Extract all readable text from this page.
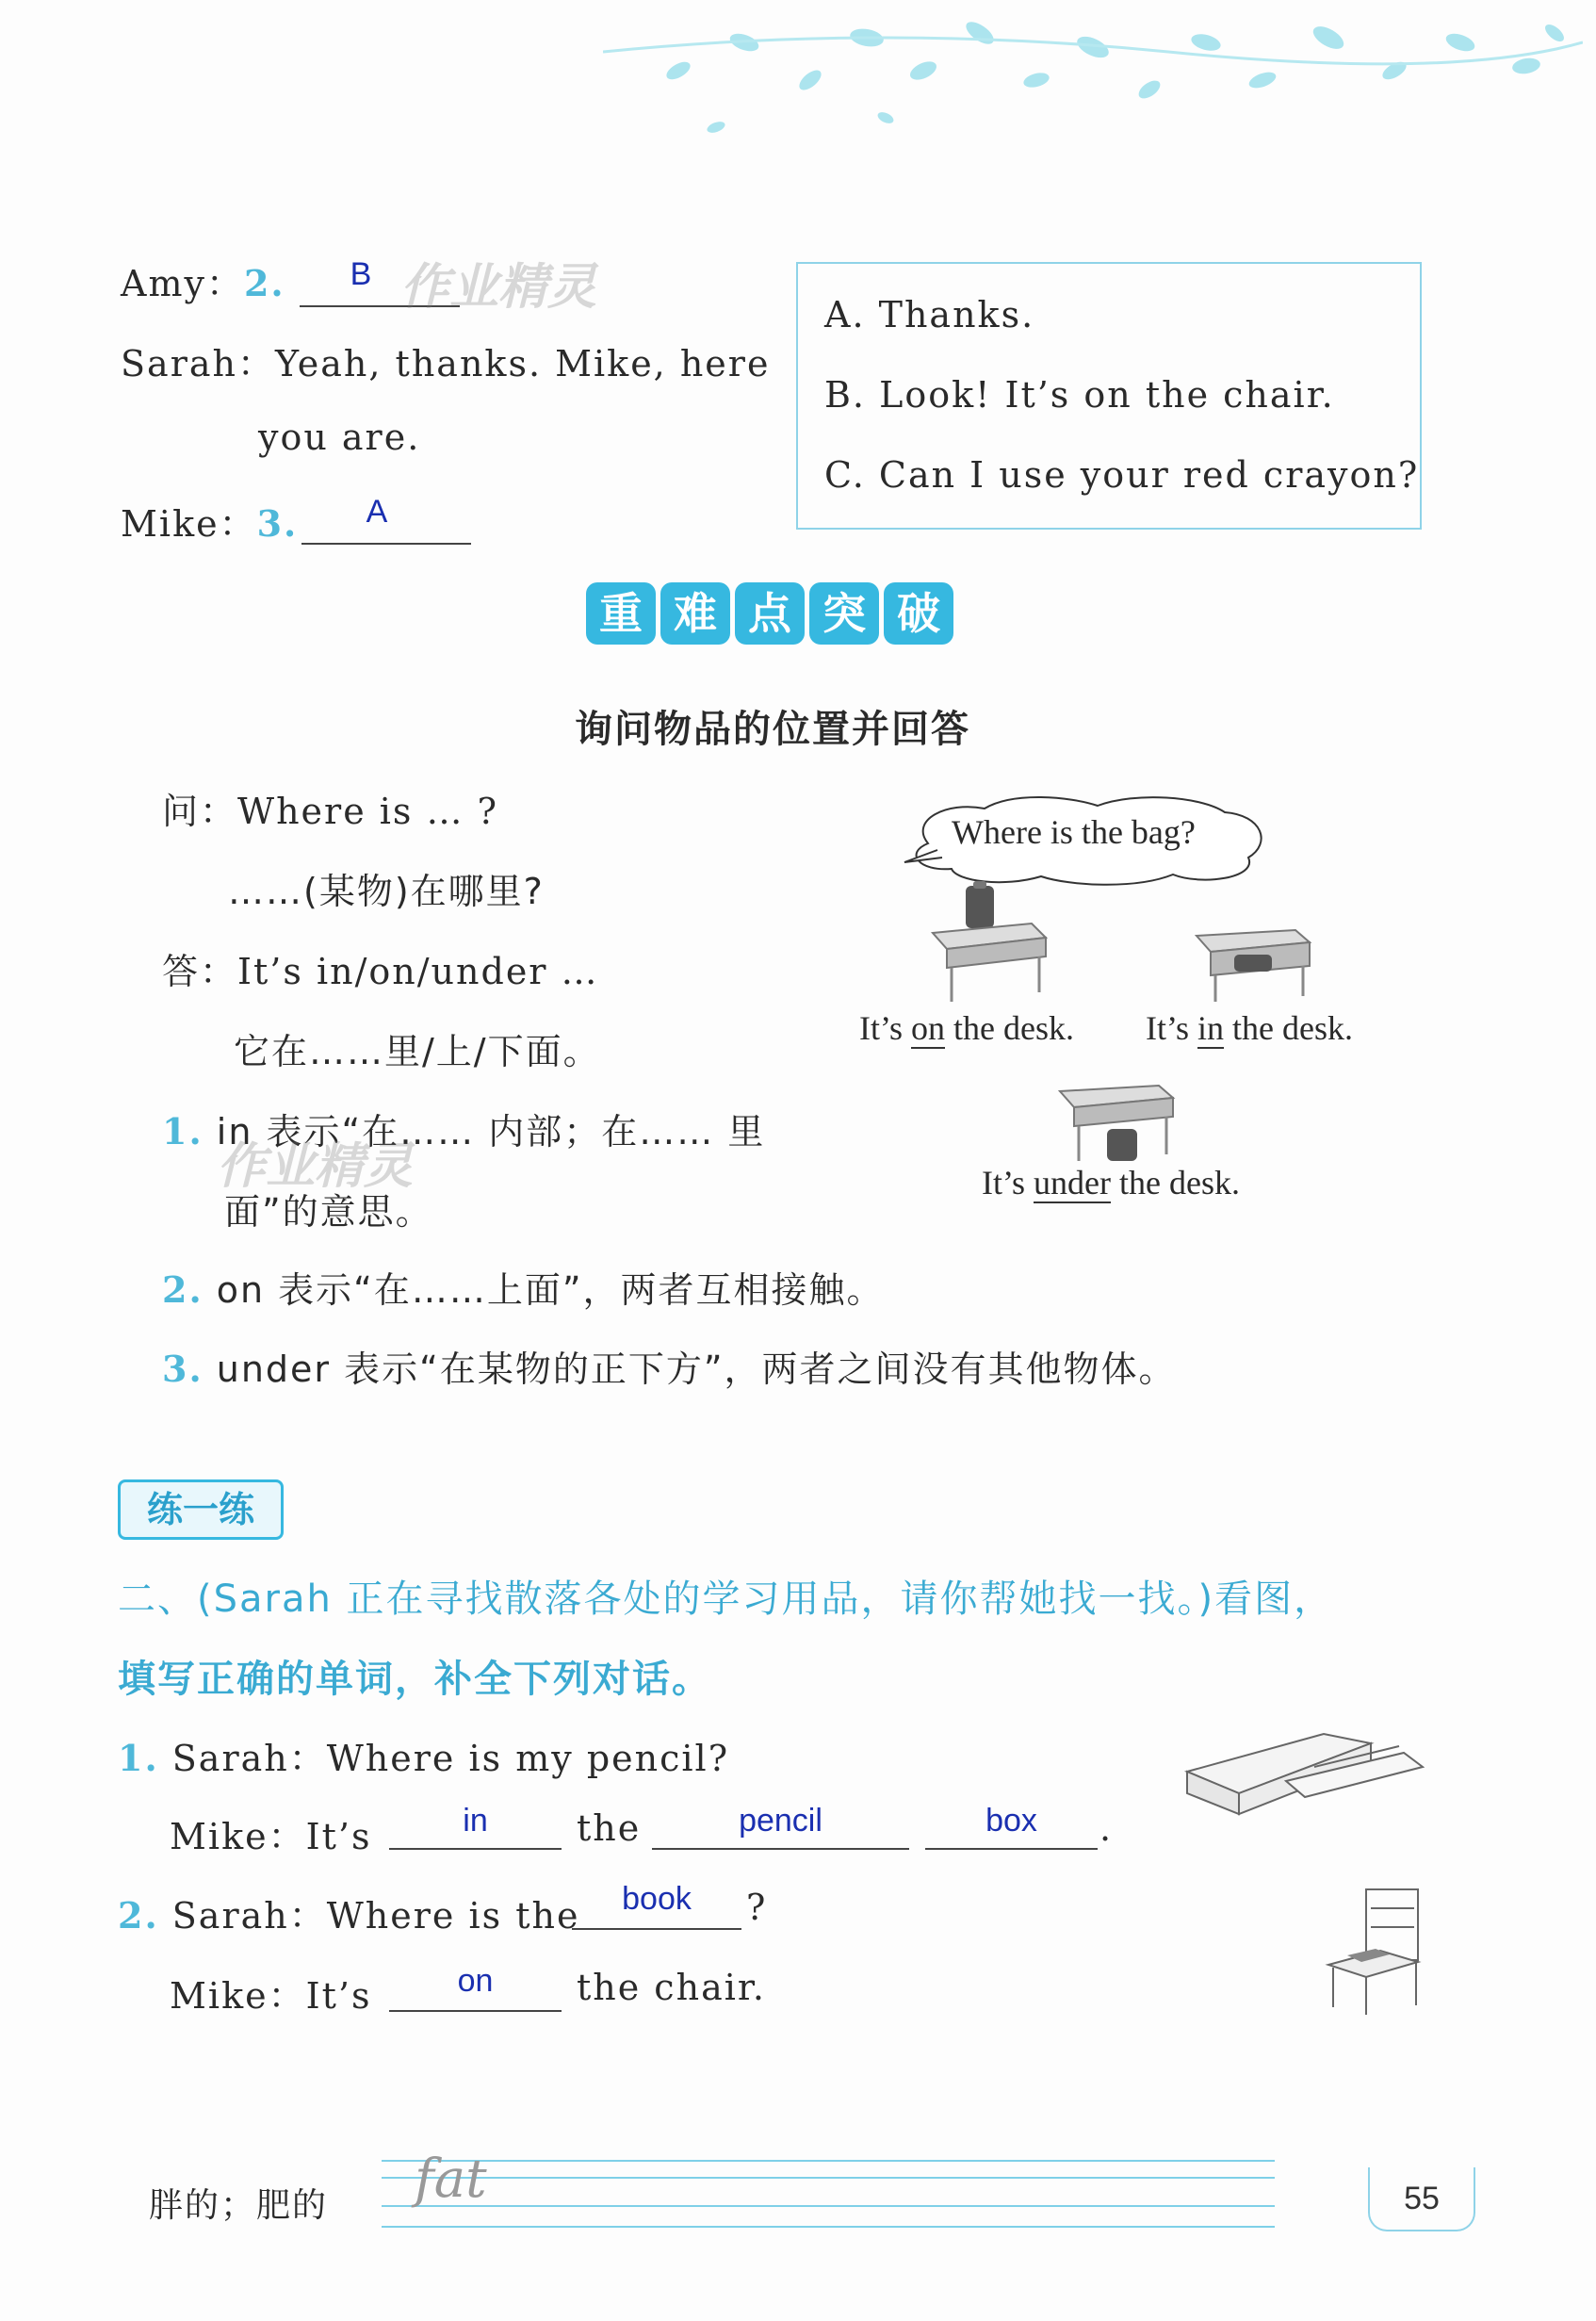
Amy：2.	B
Sarah：Yeah, thanks. Mike, here
you are.
Mike：3.	A
作业精灵	A. Thanks.
B. Look! It’s on the chair.
C. Can I use your red crayon?
重 难 点 突 破
询问物品的位置并回答
问：Where is … ?
……(某物)在哪里?
答：It’s in/on/under …
它在……里/上/下面。
1. in 表示“在…… 内部；在…… 里
面”的意思。
作业精灵
2. on 表示“在……上面”，两者互相接触。
3. under 表示“在某物的正下方”，两者之间没有其他物体。
Where is the bag?
It’s on the desk. It’s in the desk.
It’s under the desk.
练一练
二、(Sarah 正在寻找散落各处的学习用品，请你帮她找一找。)看图，
填写正确的单词，补全下列对话。
1. Sarah：Where is my pencil?
Mike：It’s	in	the	pencil	box	.
2. Sarah：Where is the	book	?
Mike：It’s	on	the chair.
胖的；肥的 fat	55
